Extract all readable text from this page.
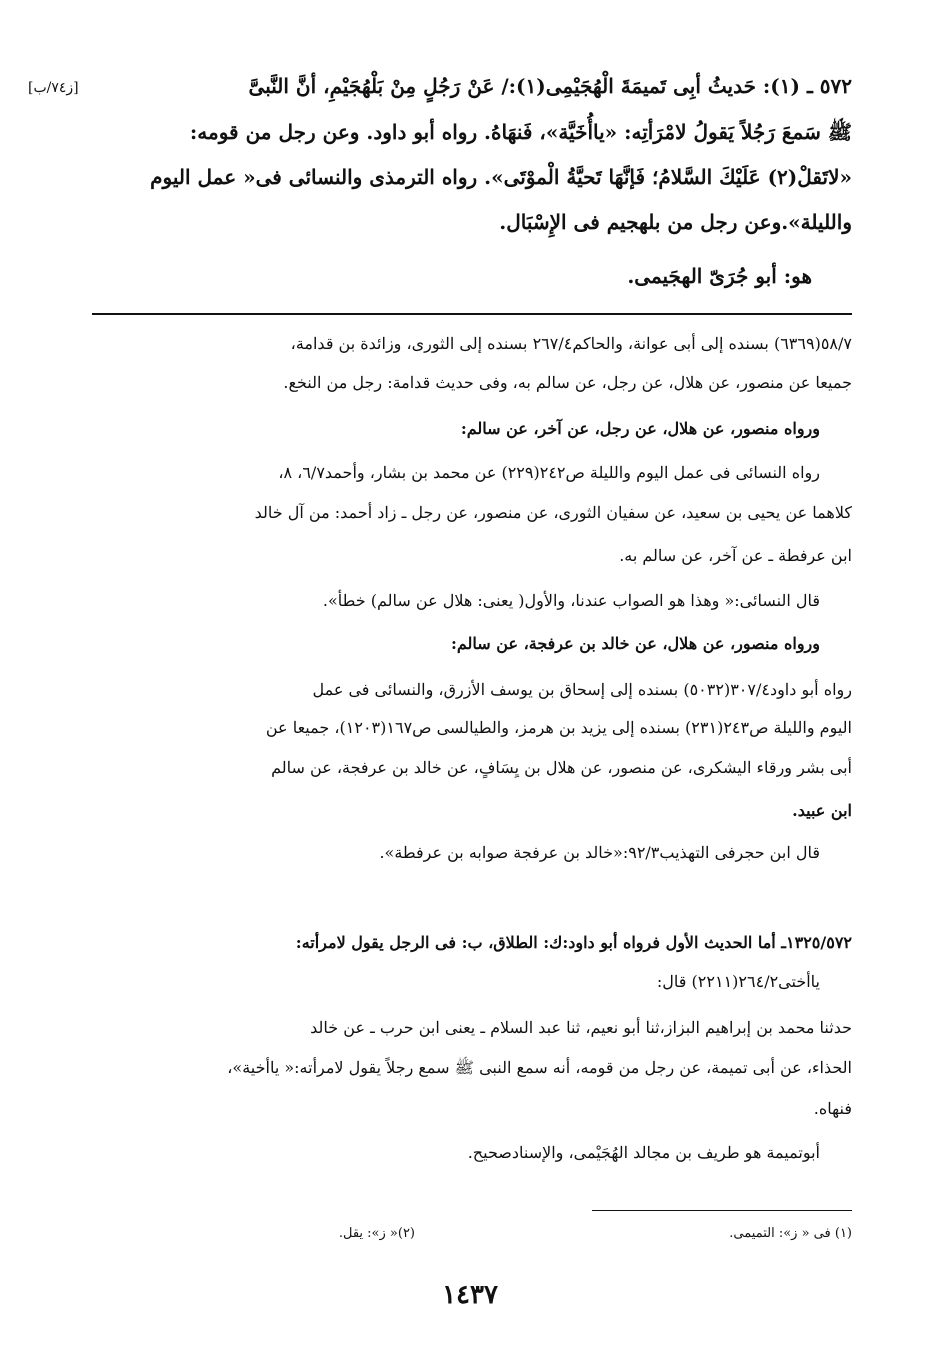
[ز٧٤/ب]	٥٧٢ ـ (١): حَديثُ أبِى تَميمَةَ الْهُجَيْمِى(١):/ عَنْ رَجُلٍ مِنْ بَلْهُجَيْمِ، أنَّ النَّبىَّ
ﷺ سَمعَ رَجُلاً يَقولُ لامْرَأتِه: «ياأُخَيَّة»، فَنهَاهُ. رواه أبو داود. وعن رجل من قومه:
«لاتَقلْ(٢) عَلَيْكَ السَّلامُ؛ فَإنَّهَا تَحيَّةُ الْموْتَى». رواه الترمذى والنسائى فى« عمل اليوم
والليلة».وعن رجل من بلهجيم فى الإِسْبَال.
هو: أبو جُرَىّ الهجَيمى.
٥٨/٧(٦٣٦٩) بسنده إلى أبى عوانة، والحاكم٢٦٧/٤ بسنده إلى الثورى، وزائدة بن قدامة،
جميعا عن منصور، عن هلال، عن رجل، عن سالم به، وفى حديث قدامة: رجل من النخع.
ورواه منصور، عن هلال، عن رجل، عن آخر، عن سالم:
رواه النسائى فى عمل اليوم والليلة ص٢٤٢(٢٢٩) عن محمد بن بشار، وأحمد٦/٧، ٨،
كلاهما عن يحيى بن سعيد، عن سفيان الثورى، عن منصور، عن رجل ـ زاد أحمد: من آل خالد
ابن عرفطة ـ عن آخر، عن سالم به.
قال النسائى:« وهذا هو الصواب عندنا، والأول( يعنى: هلال عن سالم) خطأ».
ورواه منصور، عن هلال، عن خالد بن عرفجة، عن سالم:
رواه أبو داود٣٠٧/٤(٥٠٣٢) بسنده إلى إسحاق بن يوسف الأزرق، والنسائى فى عمل
اليوم والليلة ص٢٤٣(٢٣١) بسنده إلى يزيد بن هرمز، والطيالسى ص١٦٧(١٢٠٣)، جميعا عن
أبى بشر ورقاء اليشكرى، عن منصور، عن هلال بن يِسَافٍ، عن خالد بن عرفجة، عن سالم
ابن عبيد.
قال ابن حجرفى التهذيب٩٢/٣:«خالد بن عرفجة صوابه بن عرفطة».
١٣٢٥/٥٧٢ـ أما الحديث الأول فرواه أبو داود:ك: الطلاق، ب: فى الرجل يقول لامرأته:
ياأختى٢٦٤/٢(٢٢١١) قال:
حدثنا محمد بن إبراهيم البزاز،ثنا أبو نعيم، ثنا عبد السلام ـ يعنى ابن حرب ـ عن خالد
الحذاء، عن أبى تميمة، عن رجل من قومه، أنه سمع النبى ﷺ سمع رجلاً يقول لامرأته:« ياأخية»،
فنهاه.
أبوتميمة هو طريف بن مجالد الهُجَيْمى، والإسنادصحيح.
(١) فى « ز»: التميمى.
(٢)« ز»: يقل.
١٤٣٧
